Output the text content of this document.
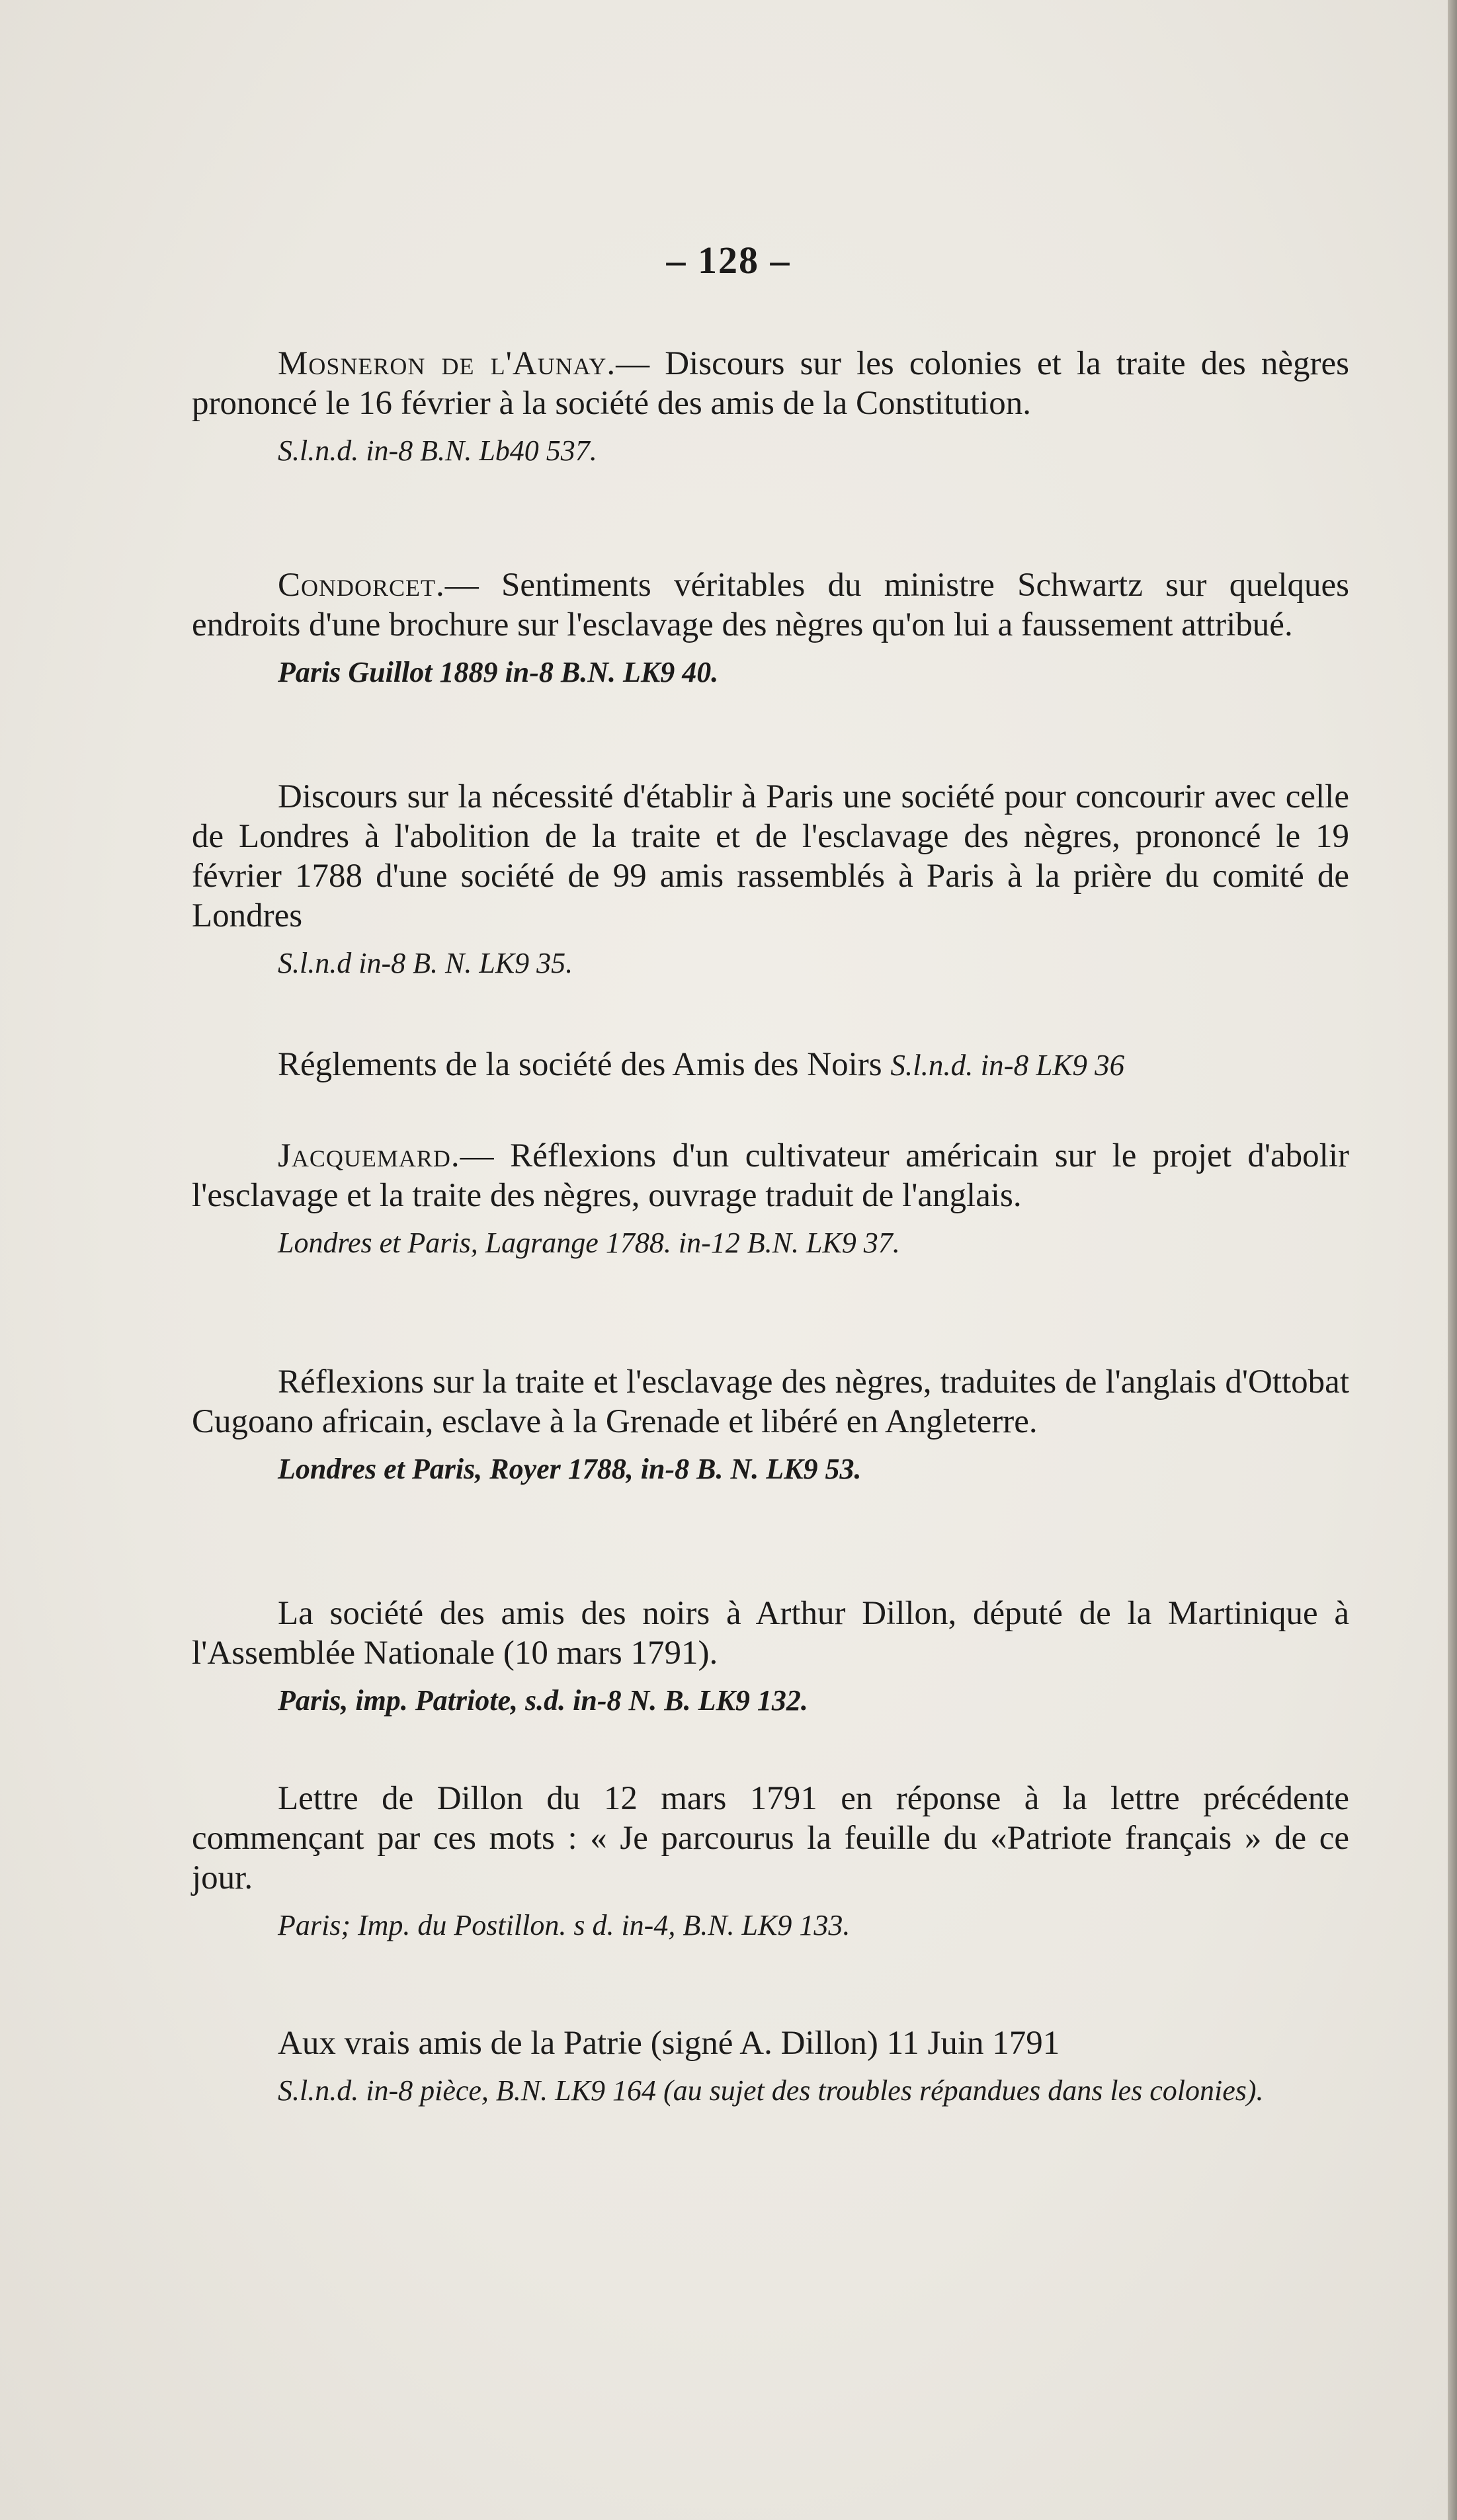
– 128 –

Mosneron de l'Aunay.— Discours sur les colonies et la traite des nègres prononcé le 16 février à la société des amis de la Constitution.

S.l.n.d. in-8 B.N. Lb40 537.

Condorcet.— Sentiments véritables du ministre Schwartz sur quelques endroits d'une brochure sur l'esclavage des nègres qu'on lui a faussement attribué.

Paris Guillot 1889 in-8 B.N. LK9 40.

Discours sur la nécessité d'établir à Paris une société pour concourir avec celle de Londres à l'abolition de la traite et de l'esclavage des nègres, prononcé le 19 février 1788 d'une société de 99 amis rassemblés à Paris à la prière du comité de Londres

S.l.n.d in-8 B. N. LK9 35.

Réglements de la société des Amis des Noirs S.l.n.d. in-8 LK9 36

Jacquemard.— Réflexions d'un cultivateur américain sur le projet d'abolir l'esclavage et la traite des nègres, ouvrage traduit de l'anglais.

Londres et Paris, Lagrange 1788. in-12 B.N. LK9 37.

Réflexions sur la traite et l'esclavage des nègres, traduites de l'anglais d'Ottobat Cugoano africain, esclave à la Grenade et libéré en Angleterre.

Londres et Paris, Royer 1788, in-8 B. N. LK9 53.

La société des amis des noirs à Arthur Dillon, député de la Martinique à l'Assemblée Nationale (10 mars 1791).

Paris, imp. Patriote, s.d. in-8 N. B. LK9 132.

Lettre de Dillon du 12 mars 1791 en réponse à la lettre précédente commençant par ces mots : « Je parcourus la feuille du «Patriote français » de ce jour.

Paris; Imp. du Postillon. s d. in-4, B.N. LK9 133.

Aux vrais amis de la Patrie (signé A. Dillon) 11 Juin 1791

S.l.n.d. in-8 pièce, B.N. LK9 164 (au sujet des troubles répandues dans les colonies).
